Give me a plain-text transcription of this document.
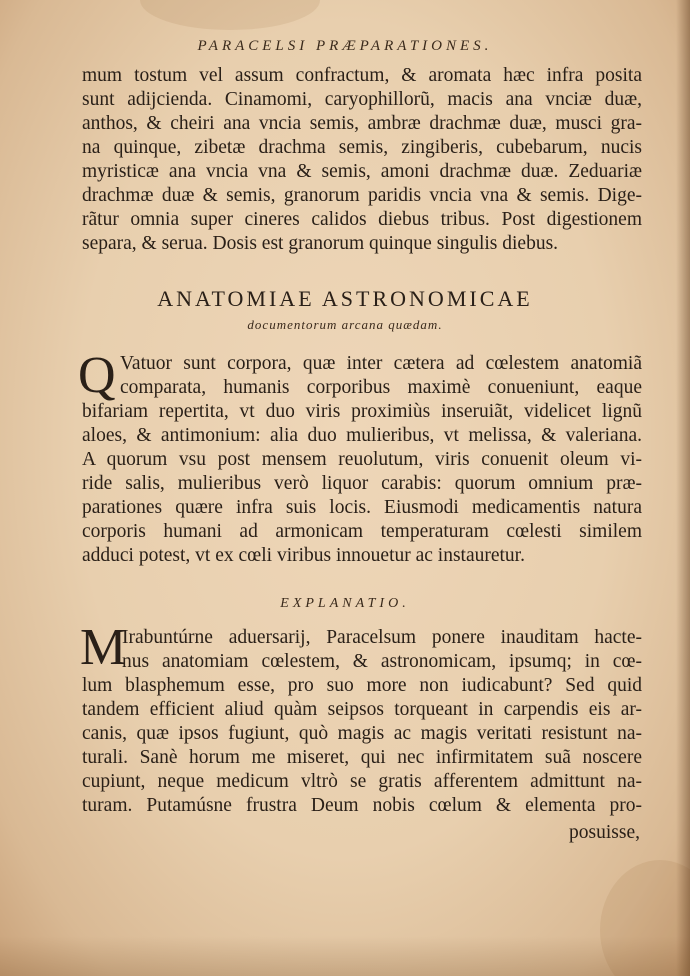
PARACELSI PRÆPARATIONES.
mum tostum vel assum confractum, & aromata hæc infra posita
sunt adijciendа. Cinamomi, caryophillorũ, macis ana vnciæ duæ,
anthos, & cheiri ana vncia semis, ambræ drachmæ duæ, musci gra-
na quinque, zibetæ drachma semis, zingiberis, cubebarum, nucis
myristicæ ana vncia vna & semis, amoni drachmæ duæ. Zeduariæ
drachmæ duæ & semis, granorum paridis vncia vna & semis. Dige-
rãtur omnia super cineres calidos diebus tribus. Post digestionem
separa, & serua. Dosis est granorum quinque singulis diebus.
ANATOMIAE ASTRONOMICAE
documentorum arcana quædam.
Q Vatuor sunt corpora, quæ inter cætera ad cœlestem anatomiã
comparata, humanis corporibus maximè conueniunt, eaque
bifariam repertita, vt duo viris proximiùs inseruiãt, videlicet lignũ
aloes, & antimonium: alia duo mulieribus, vt melissa, & valeriana.
A quorum vsu post mensem reuolutum, viris conuenit oleum vi-
ride salis, mulieribus verò liquor carabis: quorum omnium præ-
parationes quære infra suis locis. Eiusmodi medicamentis natura
corporis humani ad armonicam temperaturam cœlesti similem
adduci potest, vt ex cœli viribus innouetur ac instauretur.
EXPLANATIO.
M
Irabuntúrne aduersarij, Paracelsum ponere inauditam hacte-
nus anatomiam cœlestem, & astronomicam, ipsumq; in cœ-
lum blasphemum esse, pro suo more non iudicabunt? Sed quid
tandem efficient aliud quàm seipsos torqueant in carpendis eis ar-
canis, quæ ipsos fugiunt, quò magis ac magis veritati resistunt na-
turali. Sanè horum me miseret, qui nec infirmitatem suã noscere
cupiunt, neque medicum vltrò se gratis afferentem admittunt na-
turam. Putamúsne frustra Deum nobis cœlum & elementa pro-
posuisse,
